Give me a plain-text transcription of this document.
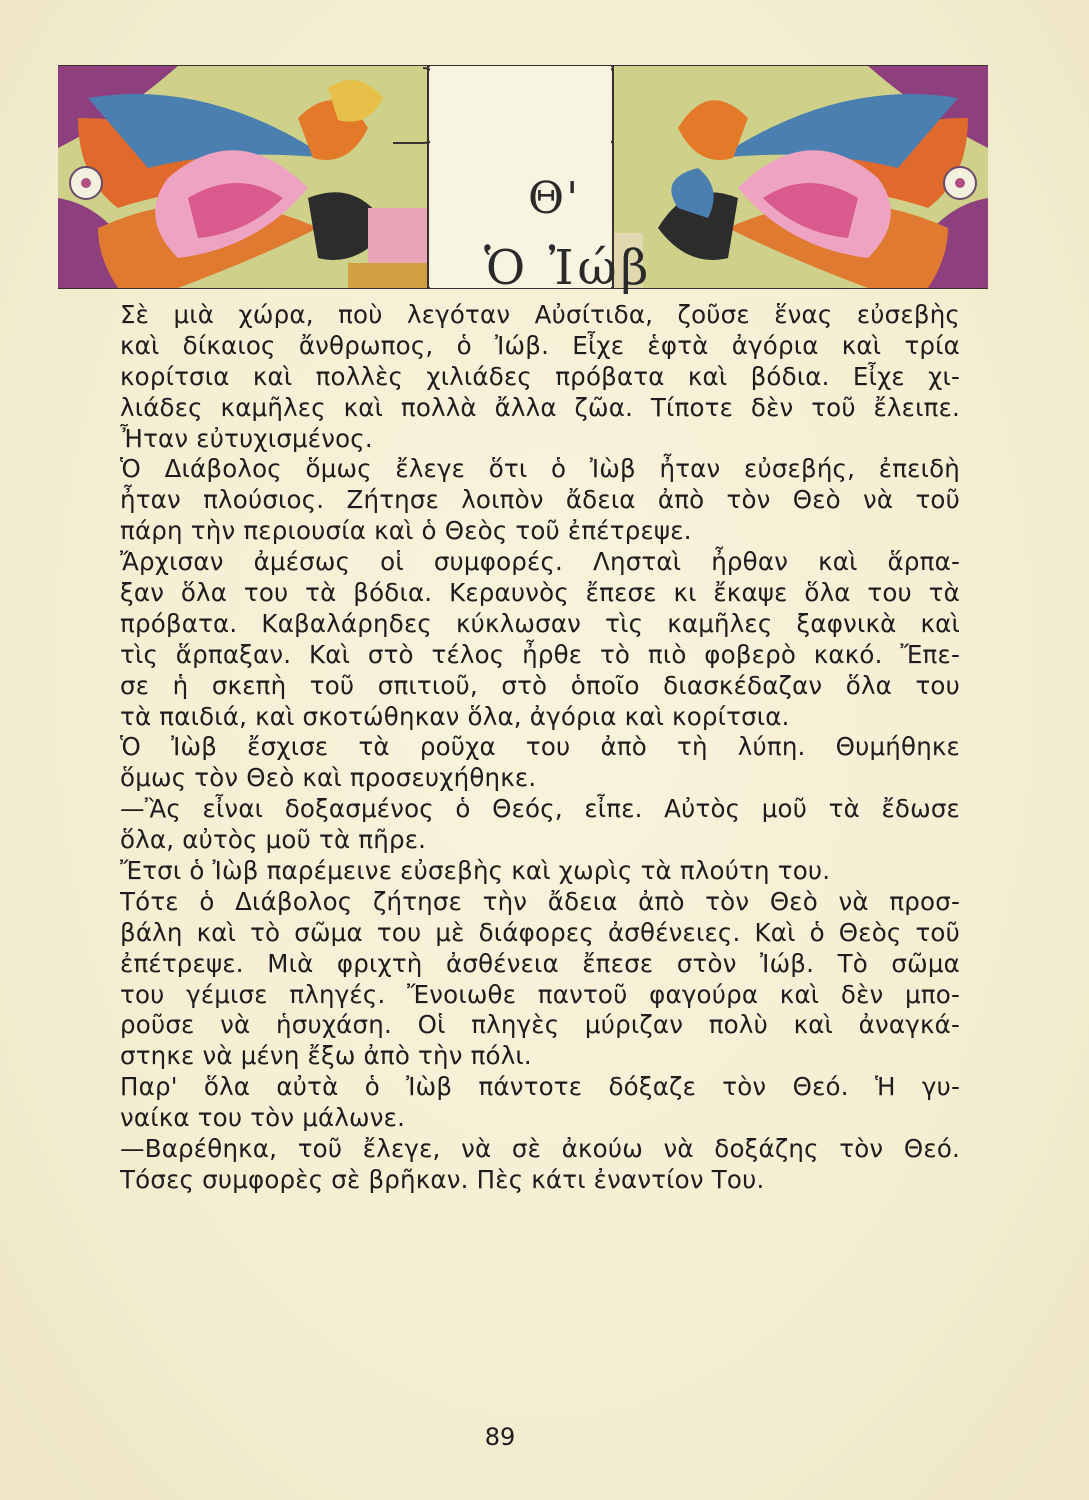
Θ'
Ὁ Ἰώβ
Σὲ μιὰ χώρα, ποὺ λεγόταν Αὐσίτιδα, ζοῦσε ἕνας εὐσεβὴς
καὶ δίκαιος ἄνθρωπος, ὁ Ἰώβ. Εἶχε ἑφτὰ ἀγόρια καὶ τρία
κορίτσια καὶ πολλὲς χιλιάδες πρόβατα καὶ βόδια. Εἶχε χι-
λιάδες καμῆλες καὶ πολλὰ ἄλλα ζῶα. Τίποτε δὲν τοῦ ἔλειπε.
Ἦταν εὐτυχισμένος.
Ὁ Διάβολος ὅμως ἔλεγε ὅτι ὁ Ἰὼβ ἦταν εὐσεβής, ἐπειδὴ
ἦταν πλούσιος. Ζήτησε λοιπὸν ἄδεια ἀπὸ τὸν Θεὸ νὰ τοῦ
πάρη τὴν περιουσία καὶ ὁ Θεὸς τοῦ ἐπέτρεψε.
Ἄρχισαν ἀμέσως οἱ συμφορές. Λησταὶ ἦρθαν καὶ ἅρπα-
ξαν ὅλα του τὰ βόδια. Κεραυνὸς ἔπεσε κι ἔκαψε ὅλα του τὰ
πρόβατα. Καβαλάρηδες κύκλωσαν τὶς καμῆλες ξαφνικὰ καὶ
τὶς ἅρπαξαν. Καὶ στὸ τέλος ἦρθε τὸ πιὸ φοβερὸ κακό. Ἔπε-
σε ἡ σκεπὴ τοῦ σπιτιοῦ, στὸ ὁποῖο διασκέδαζαν ὅλα του
τὰ παιδιά, καὶ σκοτώθηκαν ὅλα, ἀγόρια καὶ κορίτσια.
Ὁ Ἰὼβ ἔσχισε τὰ ροῦχα του ἀπὸ τὴ λύπη. Θυμήθηκε
ὅμως τὸν Θεὸ καὶ προσευχήθηκε.
—Ἂς εἶναι δοξασμένος ὁ Θεός, εἶπε. Αὐτὸς μοῦ τὰ ἔδωσε
ὅλα, αὐτὸς μοῦ τὰ πῆρε.
Ἔτσι ὁ Ἰὼβ παρέμεινε εὐσεβὴς καὶ χωρὶς τὰ πλούτη του.
Τότε ὁ Διάβολος ζήτησε τὴν ἄδεια ἀπὸ τὸν Θεὸ νὰ προσ-
βάλη καὶ τὸ σῶμα του μὲ διάφορες ἀσθένειες. Καὶ ὁ Θεὸς τοῦ
ἐπέτρεψε. Μιὰ φριχτὴ ἀσθένεια ἔπεσε στὸν Ἰώβ. Τὸ σῶμα
του γέμισε πληγές. Ἔνοιωθε παντοῦ φαγούρα καὶ δὲν μπο-
ροῦσε νὰ ἡσυχάση. Οἱ πληγὲς μύριζαν πολὺ καὶ ἀναγκά-
στηκε νὰ μένη ἔξω ἀπὸ τὴν πόλι.
Παρ' ὅλα αὐτὰ ὁ Ἰὼβ πάντοτε δόξαζε τὸν Θεό. Ἡ γυ-
ναίκα του τὸν μάλωνε.
—Βαρέθηκα, τοῦ ἔλεγε, νὰ σὲ ἀκούω νὰ δοξάζης τὸν Θεό.
Τόσες συμφορὲς σὲ βρῆκαν. Πὲς κάτι ἐναντίον Του.
89
